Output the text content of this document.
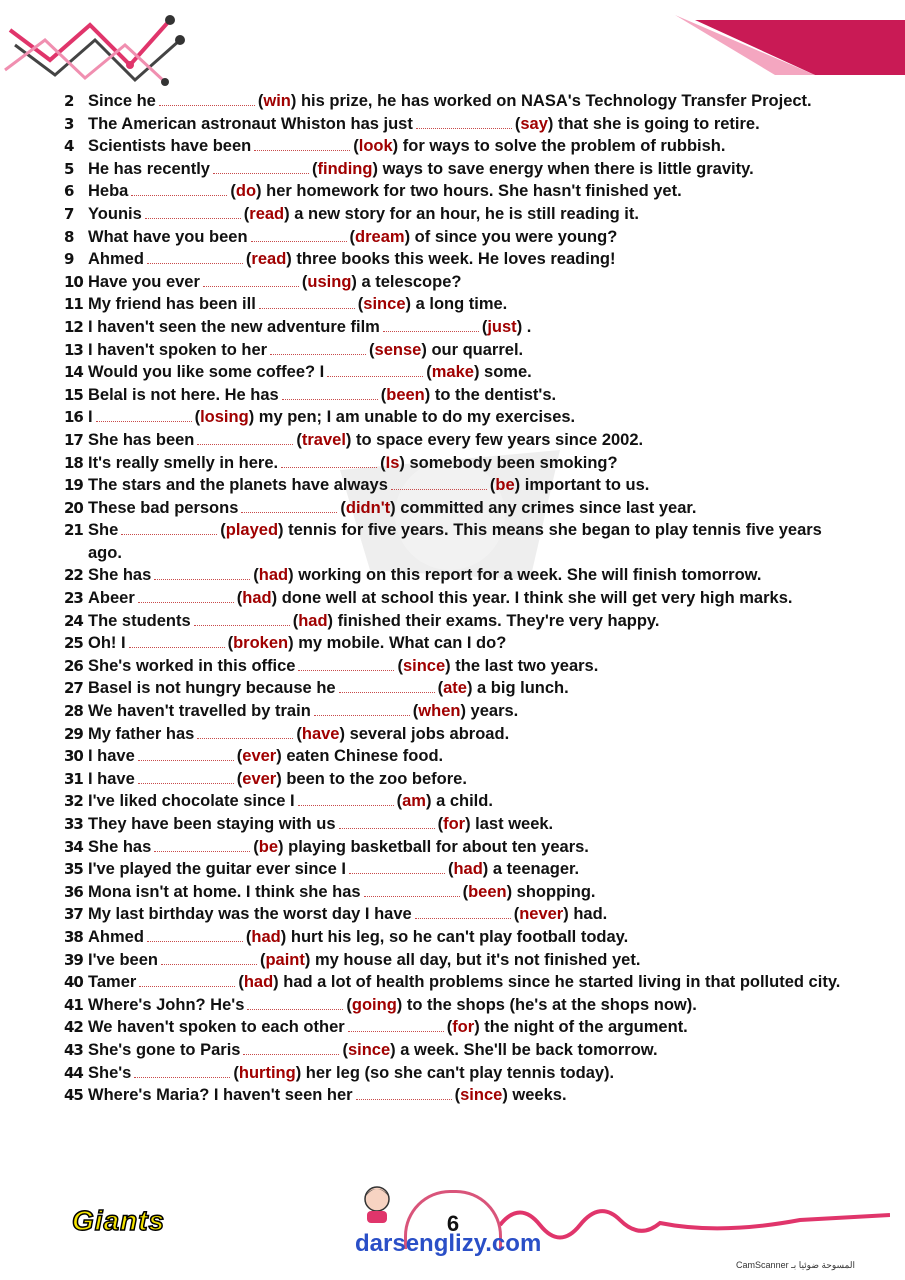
2 Since he	(win) his prize, he has worked on NASA's Technology Transfer Project.
3 The American astronaut Whiston has just	(say) that she is going to retire.
4 Scientists have been	(look) for ways to solve the problem of rubbish.
5 He has recently	(finding) ways to save energy when there is little gravity.
6 Heba	(do) her homework for two hours. She hasn't finished yet.
7 Younis	(read) a new story for an hour, he is still reading it.
8 What have you been	(dream) of since you were young?
9 Ahmed	(read) three books this week. He loves reading!
10 Have you ever	(using) a telescope?
11 My friend has been ill	(since) a long time.
12 I haven't seen the new adventure film	(just) .
13 I haven't spoken to her	(sense) our quarrel.
14 Would you like some coffee? I	(make) some.
15 Belal is not here. He has	(been) to the dentist's.
16 I	(losing) my pen; I am unable to do my exercises.
17 She has been	(travel) to space every few years since 2002.
18 It's really smelly in here.	(Is) somebody been smoking?
19 The stars and the planets have always	(be) important to us.
20 These bad persons	(didn't) committed any crimes since last year.
21 She	(played) tennis for five years. This means she began to play tennis five years ago.
22 She has	(had) working on this report for a week. She will finish tomorrow.
23 Abeer	(had) done well at school this year. I think she will get very high marks.
24 The students	(had) finished their exams. They're very happy.
25 Oh! I	(broken) my mobile. What can I do?
26 She's worked in this office	(since) the last two years.
27 Basel is not hungry because he	(ate) a big lunch.
28 We haven't travelled by train	(when) years.
29 My father has	(have) several jobs abroad.
30 I have	(ever) eaten Chinese food.
31 I have	(ever) been to the zoo before.
32 I've liked chocolate since I	(am) a child.
33 They have been staying with us	(for) last week.
34 She has	(be) playing basketball for about ten years.
35 I've played the guitar ever since I	(had) a teenager.
36 Mona isn't at home. I think she has	(been) shopping.
37 My last birthday was the worst day I have	(never) had.
38 Ahmed	(had) hurt his leg, so he can't play football today.
39 I've been	(paint) my house all day, but it's not finished yet.
40 Tamer	(had) had a lot of health problems since he started living in that polluted city.
41 Where's John? He's	(going) to the shops (he's at the shops now).
42 We haven't spoken to each other	(for) the night of the argument.
43 She's gone to Paris	(since) a week. She'll be back tomorrow.
44 She's	(hurting) her leg (so she can't play tennis today).
45 Where's Maria? I haven't seen her	(since) weeks.
Giants	6
darsenglizy.com
CamScanner المسوحة ضوئيا بـ
